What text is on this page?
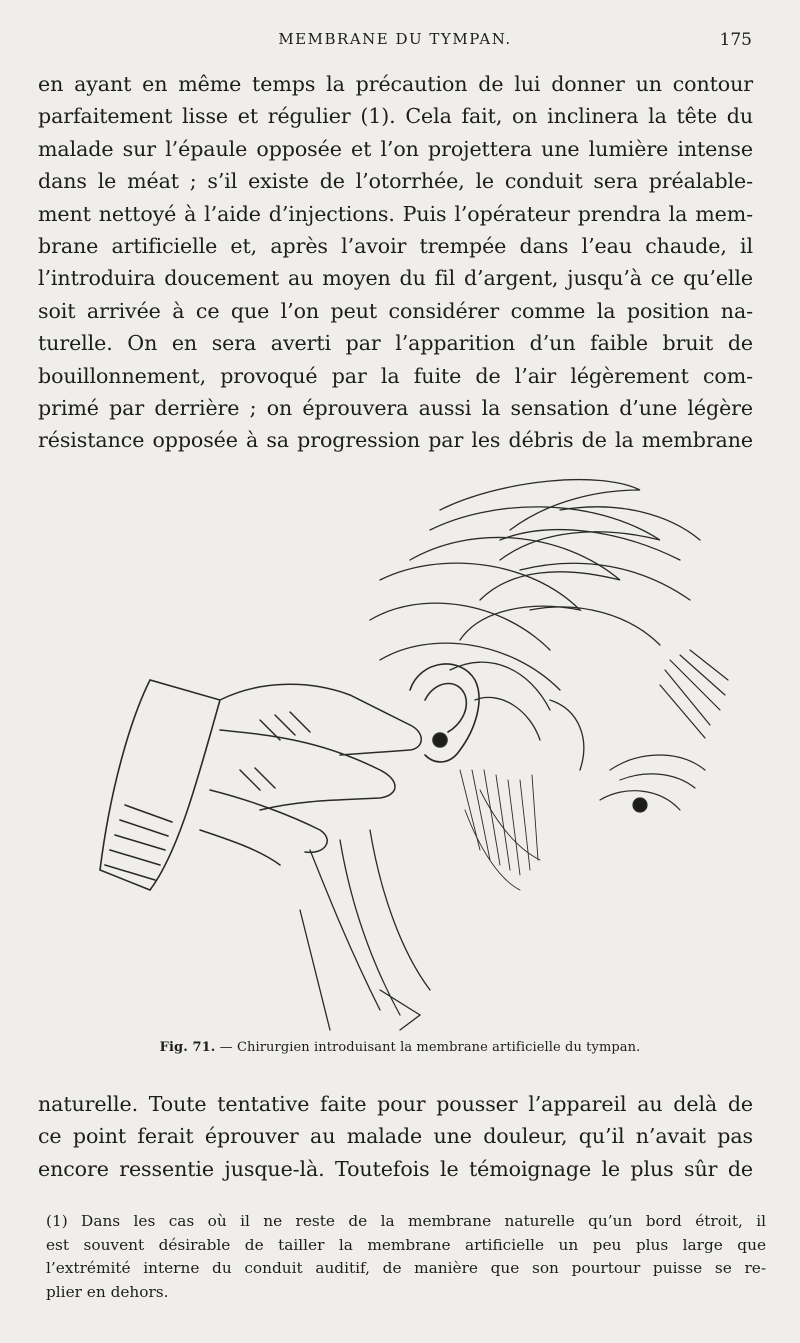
MEMBRANE DU TYMPAN.	175
en ayant en même temps la précaution de lui donner un contour
parfaitement lisse et régulier (1). Cela fait, on inclinera la tête du
malade sur l’épaule opposée et l’on projettera une lumière intense
dans le méat ; s’il existe de l’otorrhée, le conduit sera préalable-
ment nettoyé à l’aide d’injections. Puis l’opérateur prendra la mem-
brane artificielle et, après l’avoir trempée dans l’eau chaude, il
l’introduira doucement au moyen du fil d’argent, jusqu’à ce qu’elle
soit arrivée à ce que l’on peut considérer comme la position na-
turelle. On en sera averti par l’apparition d’un faible bruit de
bouillonnement, provoqué par la fuite de l’air légèrement com-
primé par derrière ; on éprouvera aussi la sensation d’une légère
résistance opposée à sa progression par les débris de la membrane
Fig. 71. — Chirurgien introduisant la membrane artificielle du tympan.
naturelle. Toute tentative faite pour pousser l’appareil au delà de
ce point ferait éprouver au malade une douleur, qu’il n’avait pas
encore ressentie jusque-là. Toutefois le témoignage le plus sûr de
(1) Dans les cas où il ne reste de la membrane naturelle qu’un bord étroit, il
est souvent désirable de tailler la membrane artificielle un peu plus large que
l’extrémité interne du conduit auditif, de manière que son pourtour puisse se re-
plier en dehors.
